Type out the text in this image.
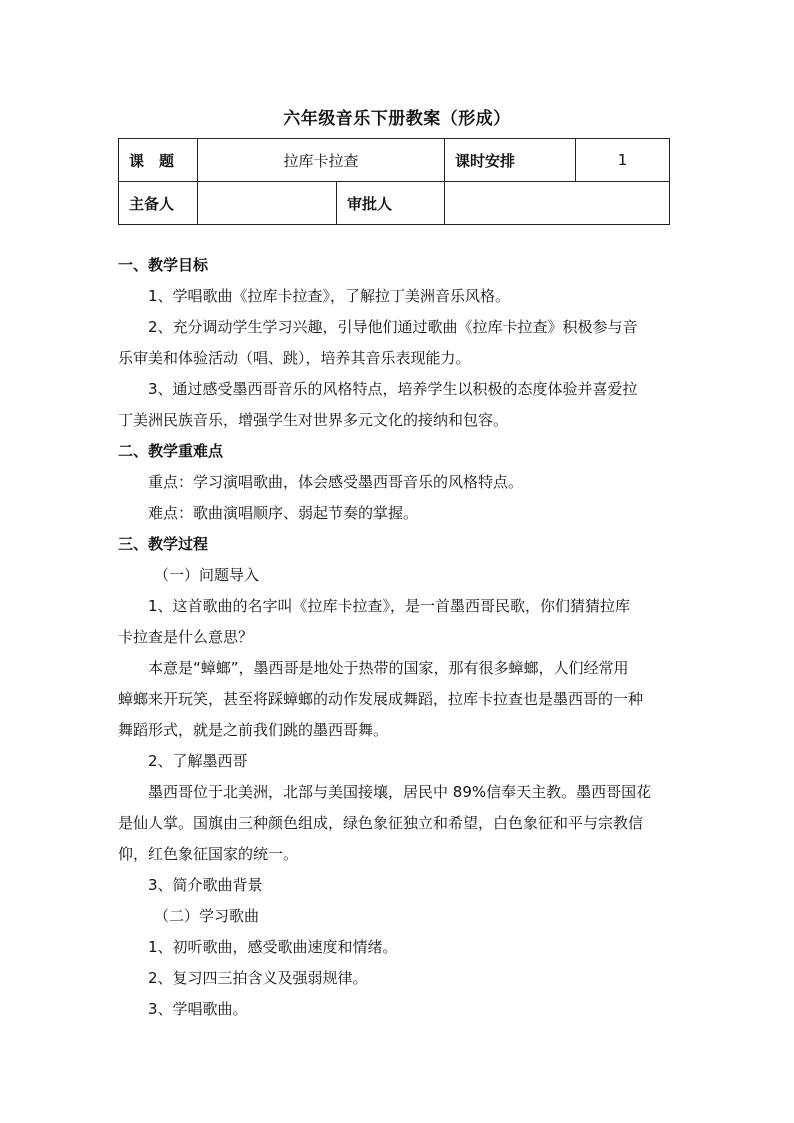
六年级音乐下册教案（形成）
课　题	拉库卡拉查		课时安排	1
主备人		审批人		

一、教学目标

1、学唱歌曲《拉库卡拉查》，了解拉丁美洲音乐风格。

2、充分调动学生学习兴趣，引导他们通过歌曲《拉库卡拉查》积极参与音

乐审美和体验活动（唱、跳），培养其音乐表现能力。

3、通过感受墨西哥音乐的风格特点，培养学生以积极的态度体验并喜爱拉

丁美洲民族音乐，增强学生对世界多元文化的接纳和包容。

二、教学重难点

重点：学习演唱歌曲，体会感受墨西哥音乐的风格特点。

难点：歌曲演唱顺序、弱起节奏的掌握。

三、教学过程

（一）问题导入

1、这首歌曲的名字叫《拉库卡拉查》，是一首墨西哥民歌，你们猜猜拉库

卡拉查是什么意思？

本意是“蟑螂”，墨西哥是地处于热带的国家，那有很多蟑螂，人们经常用

蟑螂来开玩笑，甚至将踩蟑螂的动作发展成舞蹈，拉库卡拉查也是墨西哥的一种

舞蹈形式，就是之前我们跳的墨西哥舞。

2、了解墨西哥

墨西哥位于北美洲，北部与美国接壤，居民中 89%信奉天主教。墨西哥国花

是仙人掌。国旗由三种颜色组成，绿色象征独立和希望，白色象征和平与宗教信

仰，红色象征国家的统一。

3、简介歌曲背景

（二）学习歌曲

1、初听歌曲，感受歌曲速度和情绪。

2、复习四三拍含义及强弱规律。

3、学唱歌曲。
